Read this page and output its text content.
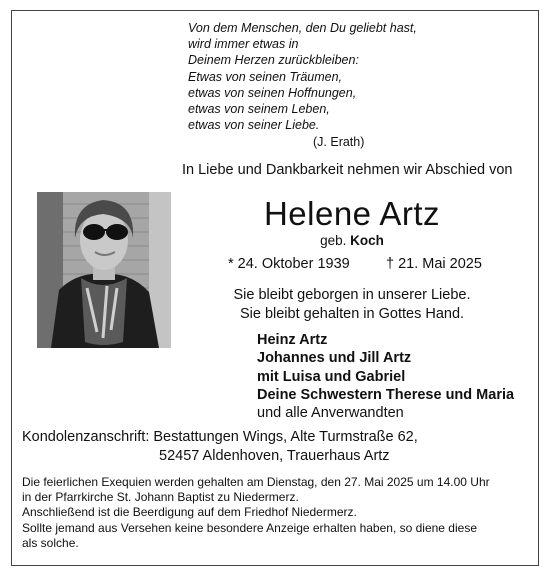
Von dem Menschen, den Du geliebt hast,
wird immer etwas in
Deinem Herzen zurückbleiben:
Etwas von seinen Träumen,
etwas von seinen Hoffnungen,
etwas von seinem Leben,
etwas von seiner Liebe.
(J. Erath)
In Liebe und Dankbarkeit nehmen wir Abschied von
Helene Artz
geb. Koch
* 24. Oktober 1939	† 21. Mai 2025
Sie bleibt geborgen in unserer Liebe.
Sie bleibt gehalten in Gottes Hand.
Heinz Artz
Johannes und Jill Artz
mit Luisa und Gabriel
Deine Schwestern Therese und Maria
und alle Anverwandten
Kondolenzanschrift: Bestattungen Wings, Alte Turmstraße 62,
52457 Aldenhoven, Trauerhaus Artz
Die feierlichen Exequien werden gehalten am Dienstag, den 27. Mai 2025 um 14.00 Uhr
in der Pfarrkirche St. Johann Baptist zu Niedermerz.
Anschließend ist die Beerdigung auf dem Friedhof Niedermerz.
Sollte jemand aus Versehen keine besondere Anzeige erhalten haben, so diene diese
als solche.
